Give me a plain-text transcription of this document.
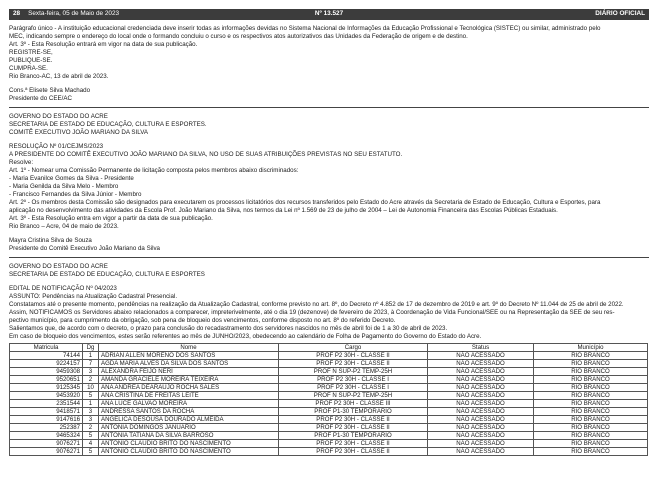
28 Sexta-feira, 05 de Maio de 2023	Nº 13.527	DIÁRIO OFICIAL

Parágrafo único - A instituição educacional credenciada deve inserir todas as informações devidas no Sistema Nacional de Informações da Educação Profissional e Tecnológica (SISTEC) ou similar, administrado pelo

MEC, indicando sempre o endereço do local onde o formando concluiu o curso e os respectivos atos autorizativos das Unidades da Federação de origem e de destino.

Art. 3º - Esta Resolução entrará em vigor na data de sua publicação.

REGISTRE-SE,

PUBLIQUE-SE.

CUMPRA-SE.

Rio Branco-AC, 13 de abril de 2023.

Cons.ª Elisete Silva Machado

Presidente do CEE/AC

GOVERNO DO ESTADO DO ACRE

SECRETARIA DE ESTADO DE EDUCAÇÃO, CULTURA E ESPORTES.

COMITÊ EXECUTIVO JOÃO MARIANO DA SILVA

RESOLUÇÃO Nº 01/CEJMS/2023

A PRESIDENTE DO COMITÊ EXECUTIVO JOÃO MARIANO DA SILVA, NO USO DE SUAS ATRIBUIÇÕES PREVISTAS NO SEU ESTATUTO.

Resolve:

Art. 1º - Nomear uma Comissão Permanente de licitação composta pelos membros abaixo discriminados:

- Maria Evanilce Gomes da Silva - Presidente

- Maria Genilda da Silva Melo - Membro

- Francisco Fernandes da Silva Júnior - Membro

Art. 2º - Os membros desta Comissão são designados para executarem os processos licitatórios dos recursos transferidos pelo Estado do Acre através da Secretaria de Estado de Educação, Cultura e Esportes, para

aplicação no desenvolvimento das atividades da Escola Prof. João Mariano da Silva, nos termos da Lei nº 1.569 de 23 de julho de 2004 – Lei de Autonomia Financeira das Escolas Públicas Estaduais.

Art. 3º - Esta Resolução entra em vigor a partir da data de sua publicação.

Rio Branco – Acre, 04 de maio de 2023.

Mayra Cristina Silva de Souza

Presidente do Comitê Executivo João Mariano da Silva

GOVERNO DO ESTADO DO ACRE

SECRETARIA DE ESTADO DE EDUCAÇÃO, CULTURA E ESPORTES

EDITAL DE NOTIFICAÇÃO Nº 04/2023

ASSUNTO: Pendências na Atualização Cadastral Presencial.

Constatamos até o presente momento, pendências na realização da Atualização Cadastral, conforme previsto no art. 8º, do Decreto nº 4.852 de 17 de dezembro de 2019 e art. 9º do Decreto Nº 11.044 de 25 de abril de 2022.

Assim, NOTIFICAMOS os Servidores abaixo relacionados a comparecer, impreterivelmente, até o dia 19 (dezenove) de fevereiro de 2023, à Coordenação de Vida Funcional/SEE ou na Representação da SEE de seu res-

pectivo município, para cumprimento da obrigação, sob pena de bloqueio dos vencimentos, conforme disposto no art. 8º do referido Decreto.

Salientamos que, de acordo com o decreto, o prazo para conclusão do recadastramento dos servidores nascidos no mês de abril foi de 1 a 30 de abril de 2023.

Em caso de bloqueio dos vencimentos, estes serão referentes ao mês de JUNHO/2023, obedecendo ao calendário de Folha de Pagamento do Governo do Estado do Acre.

Matricula	Dg	Nome	Cargo	Status	Município
74144	1	ADRIAN ALLEN MORENO DOS SANTOS	PROF P2 30H - CLASSE II	NÃO ACESSADO	RIO BRANCO
9224157	7	AGDA MARIA ALVES DA SILVA DOS SANTOS	PROF P2 30H - CLASSE II	NÃO ACESSADO	RIO BRANCO
9459308	3	ALEXANDRA FEIJO NERI	PROF N SUP-P2 TEMP-25H	NÃO ACESSADO	RIO BRANCO
9520651	2	AMANDA GRACIELE MOREIRA TEIXEIRA	PROF P2 30H - CLASSE I	NÃO ACESSADO	RIO BRANCO
9125345	10	ANA ANDREA DEARAUJO ROCHA SALES	PROF P2 30H - CLASSE I	NÃO ACESSADO	RIO BRANCO
9453920	5	ANA CRISTINA DE FREITAS LEITE	PROF N SUP-P2 TEMP-25H	NÃO ACESSADO	RIO BRANCO
2351544	1	ANA LUCE GALVAO MOREIRA	PROF P2 30H - CLASSE III	NÃO ACESSADO	RIO BRANCO
9418571	3	ANDRESSA SANTOS DA ROCHA	PROF P1-30 TEMPORARIO	NÃO ACESSADO	RIO BRANCO
9147616	3	ANGELICA DESOUSA DOURADO ALMEIDA	PROF P2 30H - CLASSE II	NÃO ACESSADO	RIO BRANCO
252387	2	ANTONIA DOMINGOS JANUARIO	PROF P2 30H - CLASSE II	NÃO ACESSADO	RIO BRANCO
9465324	5	ANTONIA TATIANA DA SILVA BARROSO	PROF P1-30 TEMPORARIO	NÃO ACESSADO	RIO BRANCO
9076271	4	ANTONIO CLAUDIO BRITO DO NASCIMENTO	PROF P2 30H - CLASSE II	NÃO ACESSADO	RIO BRANCO
9076271	5	ANTONIO CLAUDIO BRITO DO NASCIMENTO	PROF P2 30H - CLASSE II	NÃO ACESSADO	RIO BRANCO
